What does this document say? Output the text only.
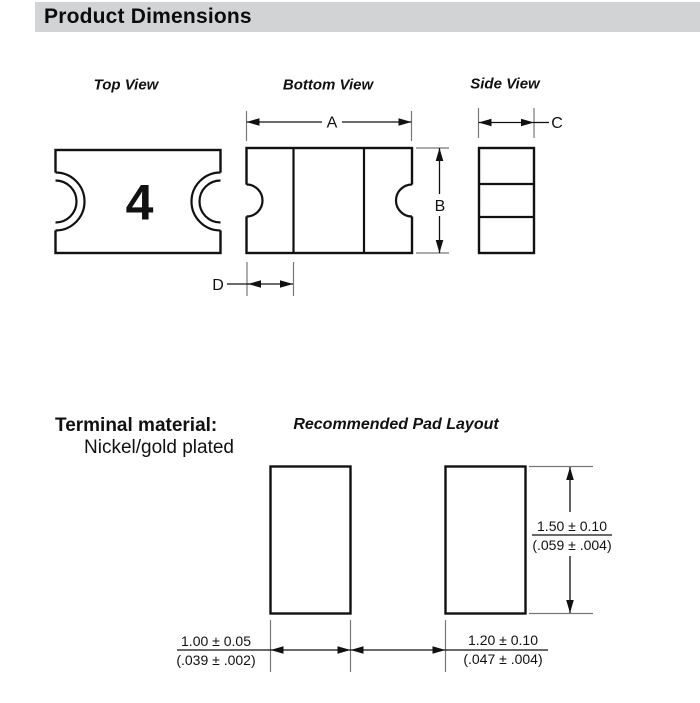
Product Dimensions
Top View
4
Bottom View
A
B
D
Side View
C
Terminal material:
Nickel/gold plated
Recommended Pad Layout
1.50 ± 0.10
(.059 ± .004)
1.00 ± 0.05
(.039 ± .002)
1.20 ± 0.10
(.047 ± .004)
